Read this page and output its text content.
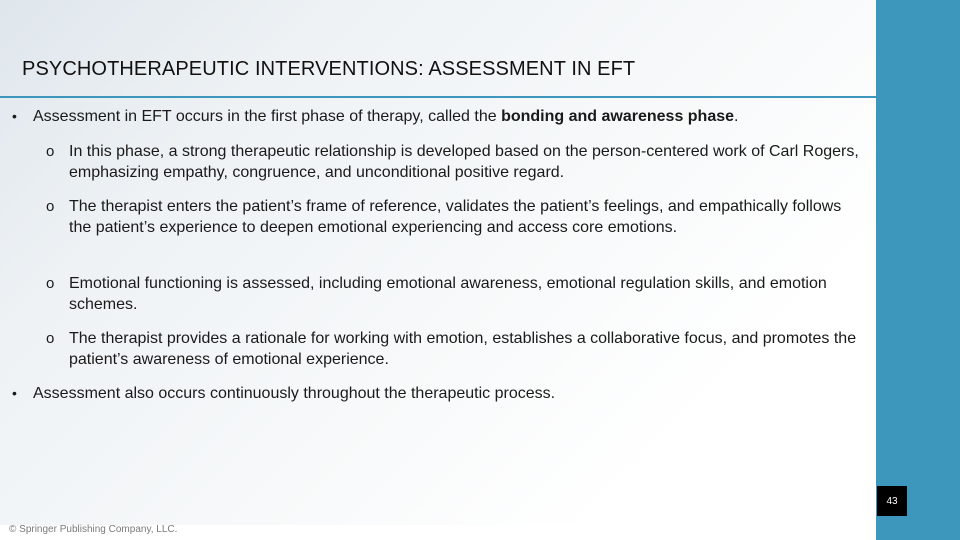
PSYCHOTHERAPEUTIC INTERVENTIONS: ASSESSMENT IN EFT
• Assessment in EFT occurs in the first phase of therapy, called the bonding and awareness phase.
o In this phase, a strong therapeutic relationship is developed based on the person-centered work of Carl Rogers, emphasizing empathy, congruence, and unconditional positive regard.
o The therapist enters the patient’s frame of reference, validates the patient’s feelings, and empathically follows the patient’s experience to deepen emotional experiencing and access core emotions.
o Emotional functioning is assessed, including emotional awareness, emotional regulation skills, and emotion schemes.
o The therapist provides a rationale for working with emotion, establishes a collaborative focus, and promotes the patient’s awareness of emotional experience.
• Assessment also occurs continuously throughout the therapeutic process.
43
© Springer Publishing Company, LLC.
